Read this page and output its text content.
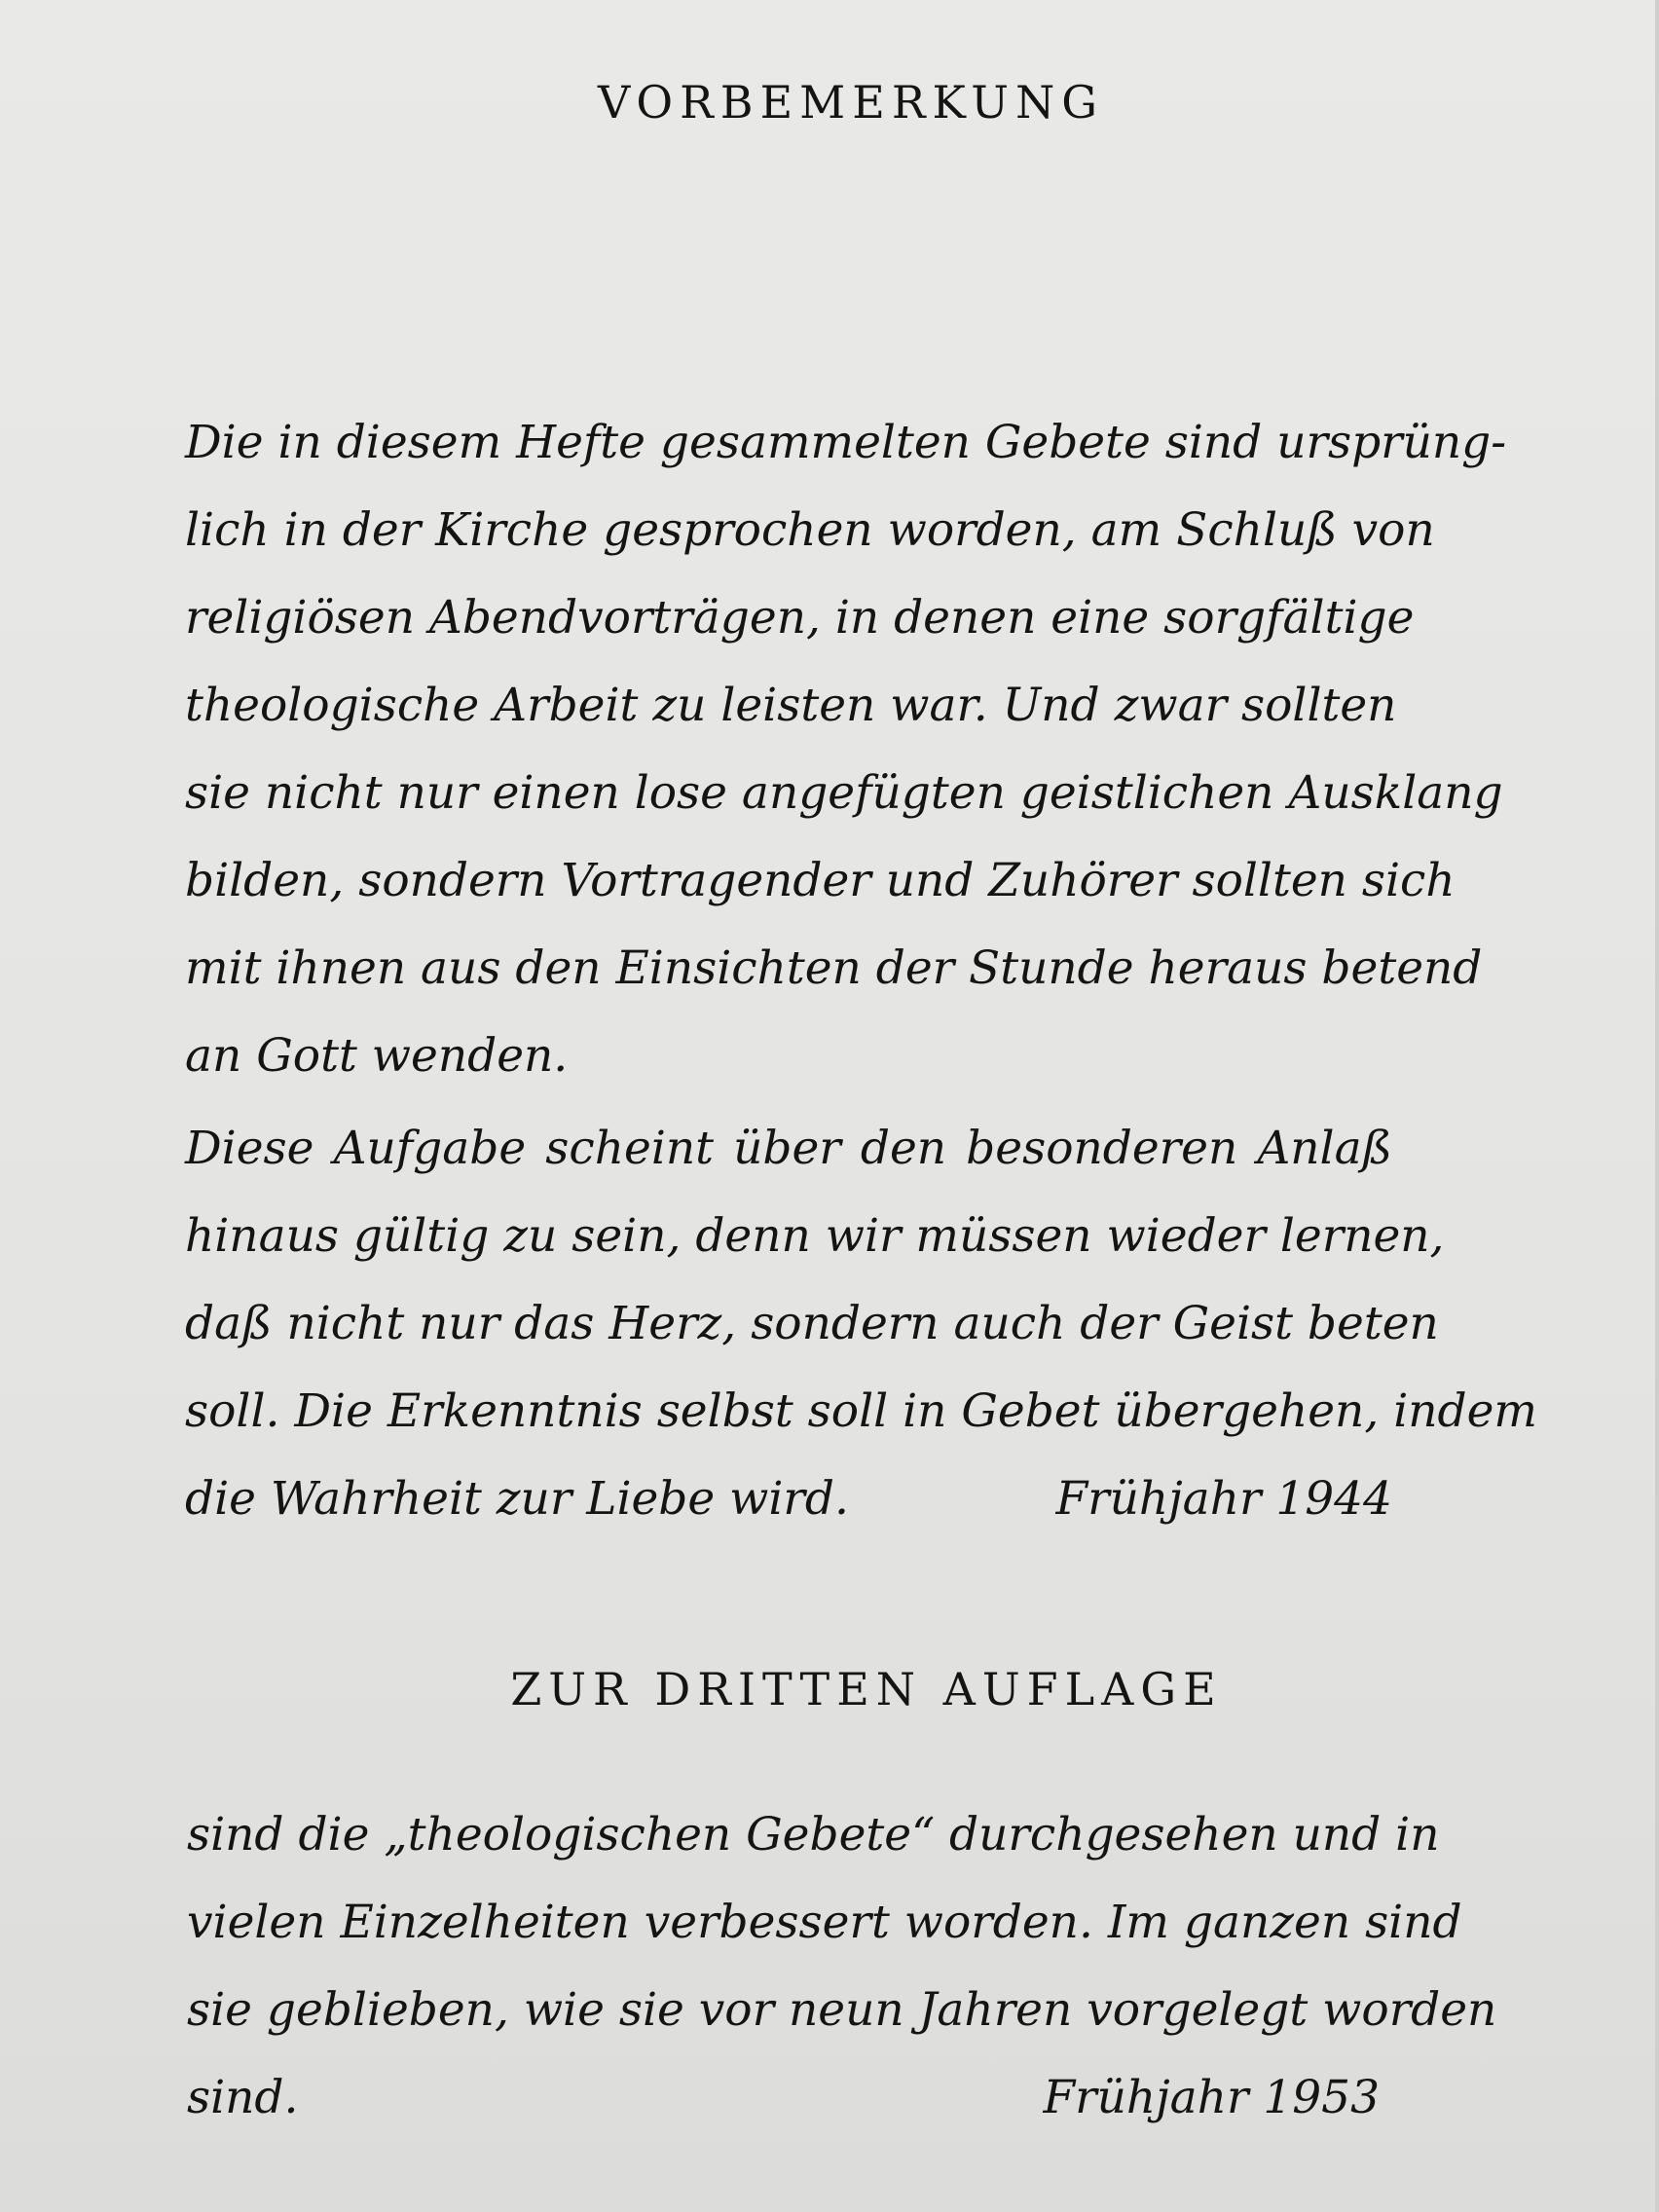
VORBEMERKUNG
Die in diesem Hefte gesammelten Gebete sind ursprüng-
lich in der Kirche gesprochen worden, am Schluß von
religiösen Abendvorträgen, in denen eine sorgfältige
theologische Arbeit zu leisten war. Und zwar sollten
sie nicht nur einen lose angefügten geistlichen Ausklang
bilden, sondern Vortragender und Zuhörer sollten sich
mit ihnen aus den Einsichten der Stunde heraus betend
an Gott wenden.
Diese Aufgabe scheint über den besonderen Anlaß
hinaus gültig zu sein, denn wir müssen wieder lernen,
daß nicht nur das Herz, sondern auch der Geist beten
soll. Die Erkenntnis selbst soll in Gebet übergehen, indem
die Wahrheit zur Liebe wird.	Frühjahr 1944
ZUR DRITTEN AUFLAGE
sind die „theologischen Gebete“ durchgesehen und in
vielen Einzelheiten verbessert worden. Im ganzen sind
sie geblieben, wie sie vor neun Jahren vorgelegt worden
sind.	Frühjahr 1953
